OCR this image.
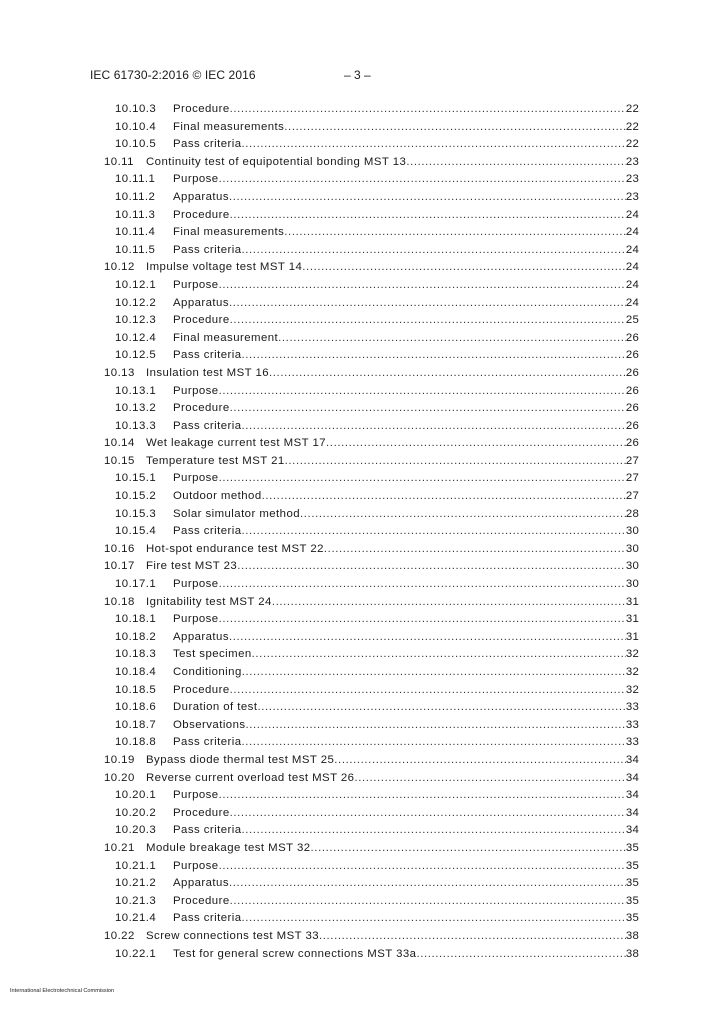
IEC 61730-2:2016 © IEC 2016	– 3 –
10.10.3	Procedure .....	22
10.10.4	Final measurements .....	22
10.10.5	Pass criteria .....	22
10.11	Continuity test of equipotential bonding MST 13 .....	23
10.11.1	Purpose .....	23
10.11.2	Apparatus .....	23
10.11.3	Procedure .....	24
10.11.4	Final measurements .....	24
10.11.5	Pass criteria .....	24
10.12 Impulse voltage test MST 14 .....	24
10.12.1	Purpose .....	24
10.12.2	Apparatus .....	24
10.12.3	Procedure .....	25
10.12.4	Final measurement .....	26
10.12.5	Pass criteria .....	26
10.13 Insulation test MST 16 .....	26
10.13.1	Purpose .....	26
10.13.2	Procedure .....	26
10.13.3	Pass criteria .....	26
10.14 Wet leakage current test MST 17 .....	26
10.15 Temperature test MST 21 .....	27
10.15.1	Purpose .....	27
10.15.2	Outdoor method .....	27
10.15.3	Solar simulator method .....	28
10.15.4	Pass criteria .....	30
10.16 Hot-spot endurance test MST 22 .....	30
10.17 Fire test MST 23 .....	30
10.17.1	Purpose .....	30
10.18 Ignitability test MST 24 .....	31
10.18.1	Purpose .....	31
10.18.2	Apparatus .....	31
10.18.3	Test specimen .....	32
10.18.4	Conditioning .....	32
10.18.5	Procedure .....	32
10.18.6	Duration of test .....	33
10.18.7	Observations .....	33
10.18.8	Pass criteria .....	33
10.19 Bypass diode thermal test MST 25 .....	34
10.20 Reverse current overload test MST 26 .....	34
10.20.1	Purpose .....	34
10.20.2	Procedure .....	34
10.20.3	Pass criteria .....	34
10.21 Module breakage test MST 32 .....	35
10.21.1	Purpose .....	35
10.21.2	Apparatus .....	35
10.21.3	Procedure .....	35
10.21.4	Pass criteria .....	35
10.22 Screw connections test MST 33 .....	38
10.22.1	Test for general screw connections MST 33a .....	38
International Electrotechnical Commission
